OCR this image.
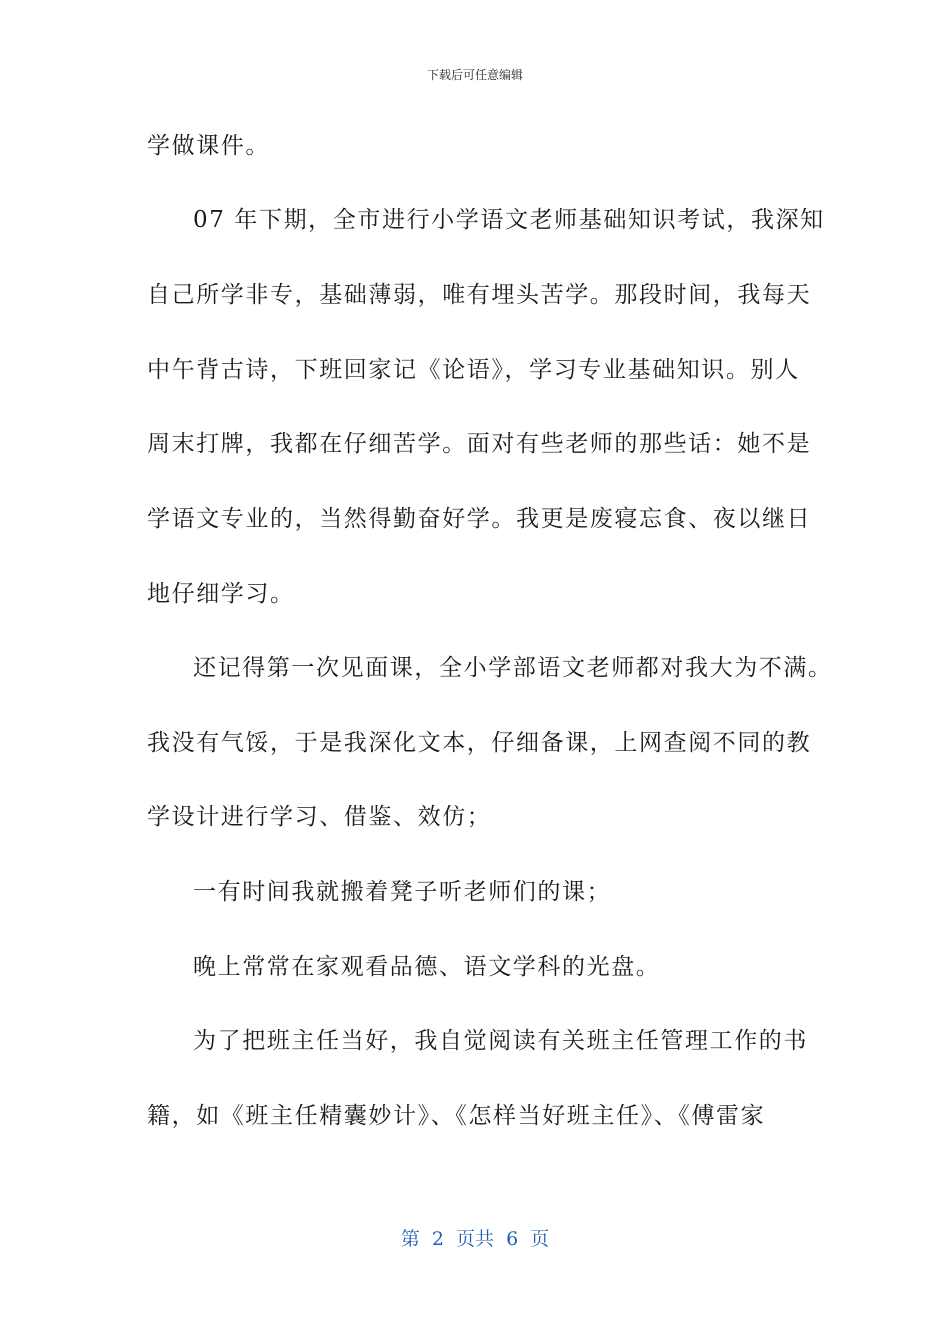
下载后可任意编辑
学做课件。
07 年下期，全市进行小学语文老师基础知识考试，我深知
自己所学非专，基础薄弱，唯有埋头苦学。那段时间，我每天
中午背古诗，下班回家记《论语》，学习专业基础知识。别人
周末打牌，我都在仔细苦学。面对有些老师的那些话：她不是
学语文专业的，当然得勤奋好学。我更是废寝忘食、夜以继日
地仔细学习。
还记得第一次见面课，全小学部语文老师都对我大为不满。
我没有气馁，于是我深化文本，仔细备课，上网查阅不同的教
学设计进行学习、借鉴、效仿；
一有时间我就搬着凳子听老师们的课；
晚上常常在家观看品德、语文学科的光盘。
为了把班主任当好，我自觉阅读有关班主任管理工作的书
籍，如《班主任精囊妙计》、《怎样当好班主任》、《傅雷家
第  2  页共  6  页
